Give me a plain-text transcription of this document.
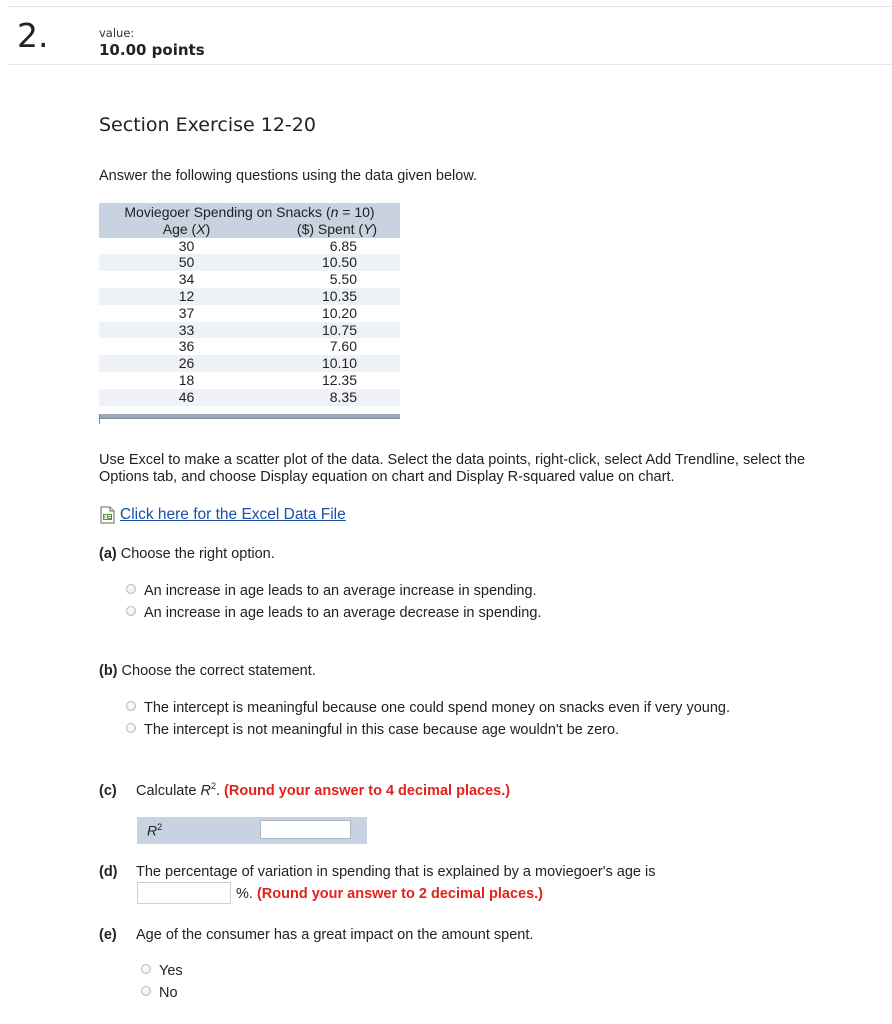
2.	value:
10.00 points
Section Exercise 12-20
Answer the following questions using the data given below.
Moviegoer Spending on Snacks (n = 10)	
Age (X)	($) Spent (Y)
30	6.85
50	10.50
34	5.50
12	10.35
37	10.20
33	10.75
36	7.60
26	10.10
18	12.35
46	8.35
Use Excel to make a scatter plot of the data. Select the data points, right-click, select Add Trendline, select the Options tab, and choose Display equation on chart and Display R-squared value on chart.
Click here for the Excel Data File
(a) Choose the right option.
An increase in age leads to an average increase in spending.
An increase in age leads to an average decrease in spending.
(b) Choose the correct statement.
The intercept is meaningful because one could spend money on snacks even if very young.
The intercept is not meaningful in this case because age wouldn't be zero.
(c) Calculate $R^2$. (Round your answer to 4 decimal places.)
$R^2$
(d) The percentage of variation in spending that is explained by a moviegoer's age is
%. (Round your answer to 2 decimal places.)
(e) Age of the consumer has a great impact on the amount spent.
Yes
No
